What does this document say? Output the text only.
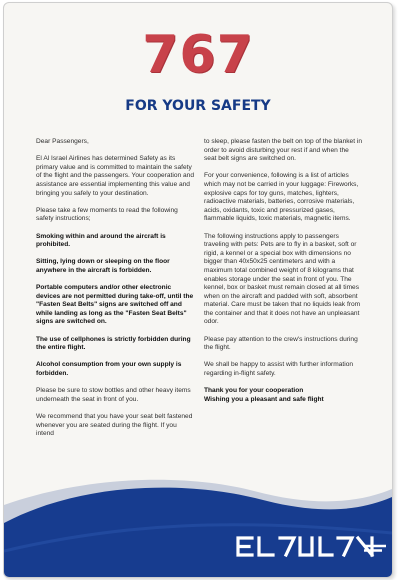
767
FOR YOUR SAFETY

Dear Passengers,

El Al Israel Airlines has determined Safety as its primary value and is committed to maintain the safety of the flight and the passengers. Your cooperation and assistance are essential implementing this value and bringing you safely to your destination.

Please take a few moments to read the following safety instructions;

Smoking within and around the aircraft is prohibited.

Sitting, lying down or sleeping on the floor anywhere in the aircraft is forbidden.

Portable computers and/or other electronic devices are not permitted during take-off, until the "Fasten Seat Belts" signs are switched off and while landing as long as the "Fasten Seat Belts" signs are switched on.

The use of cellphones is strictly forbidden during the entire flight.

Alcohol consumption from your own supply is forbidden.

Please be sure to stow bottles and other heavy items underneath the seat in front of you.

We recommend that you have your seat belt fastened whenever you are seated during the flight. If you intend

to sleep, please fasten the belt on top of the blanket in order to avoid disturbing your rest if and when the seat belt signs are switched on.

For your convenience, following is a list of articles which may not be carried in your luggage: Fireworks, explosive caps for toy guns, matches, lighters, radioactive materials, batteries, corrosive materials, acids, oxidants, toxic and pressurized gases, flammable liquids, toxic materials, magnetic items.

The following instructions apply to passengers traveling with pets: Pets are to fly in a basket, soft or rigid, a kennel or a special box with dimensions no bigger than 40x50x25 centimeters and with a maximum total combined weight of 8 kilograms that enables storage under the seat in front of you. The kennel, box or basket must remain closed at all times when on the aircraft and padded with soft, absorbent material. Care must be taken that no liquids leak from the container and that it does not have an unpleasant odor.

Please pay attention to the crew's instructions during the flight.

We shall be happy to assist with further information regarding in-flight safety.

Thank you for your cooperation

Wishing you a pleasant and safe flight
